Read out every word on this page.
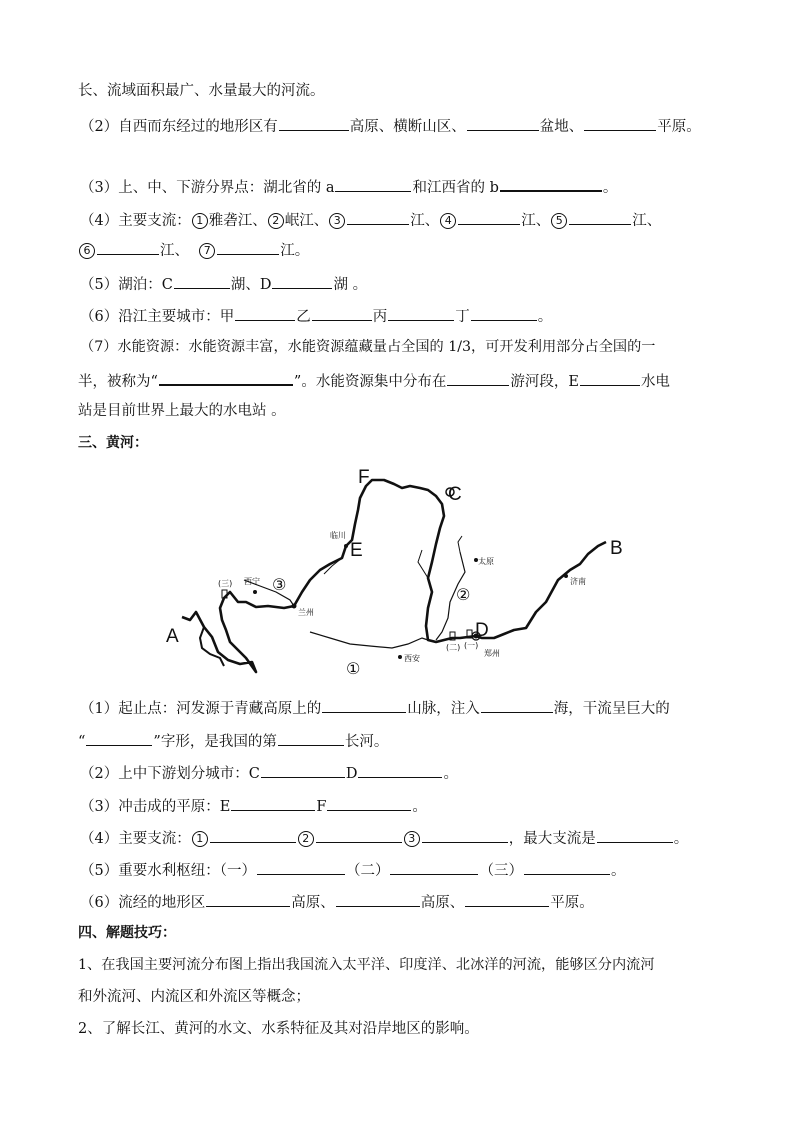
长、流域面积最广、水量最大的河流。
（2）自西而东经过的地形区有	高原、横断山区、	盆地、	平原。
（3）上、中、下游分界点：湖北省的 a	和江西省的 b	。
（4）主要支流： 1 雅砻江、 2 岷江、 3	江、 4	江、 5	江、
6	江、 7	江。
（5）湖泊：C	湖、D	湖 。
（6）沿江主要城市：甲	乙	丙	丁	。
（7）水能资源：水能资源丰富，水能资源蕴藏量占全国的 1/3，可开发利用部分占全国的一
半，被称为“	”。水能资源集中分布在	游河段，E	水电
站是目前世界上最大的水电站 。
三、黄河：
A
B
C
D
E
F
①
②
③
西宁
兰州
西安
郑州
济南
太原
临川
(一)
(二)
(三)
（1）起止点：河发源于青藏高原上的	山脉，注入	海，干流呈巨大的
“	”字形，是我国的第	长河。
（2）上中下游划分城市：C	D	。
（3）冲击成的平原：E	F	。
（4）主要支流： 1	2	3	，最大支流是	。
（5）重要水利枢纽：（一）	（二）	（三）	。
（6）流经的地形区	高原、	高原、	平原。
四、解题技巧：
1、在我国主要河流分布图上指出我国流入太平洋、印度洋、北冰洋的河流，能够区分内流河
和外流河、内流区和外流区等概念；
2、了解长江、黄河的水文、水系特征及其对沿岸地区的影响。
